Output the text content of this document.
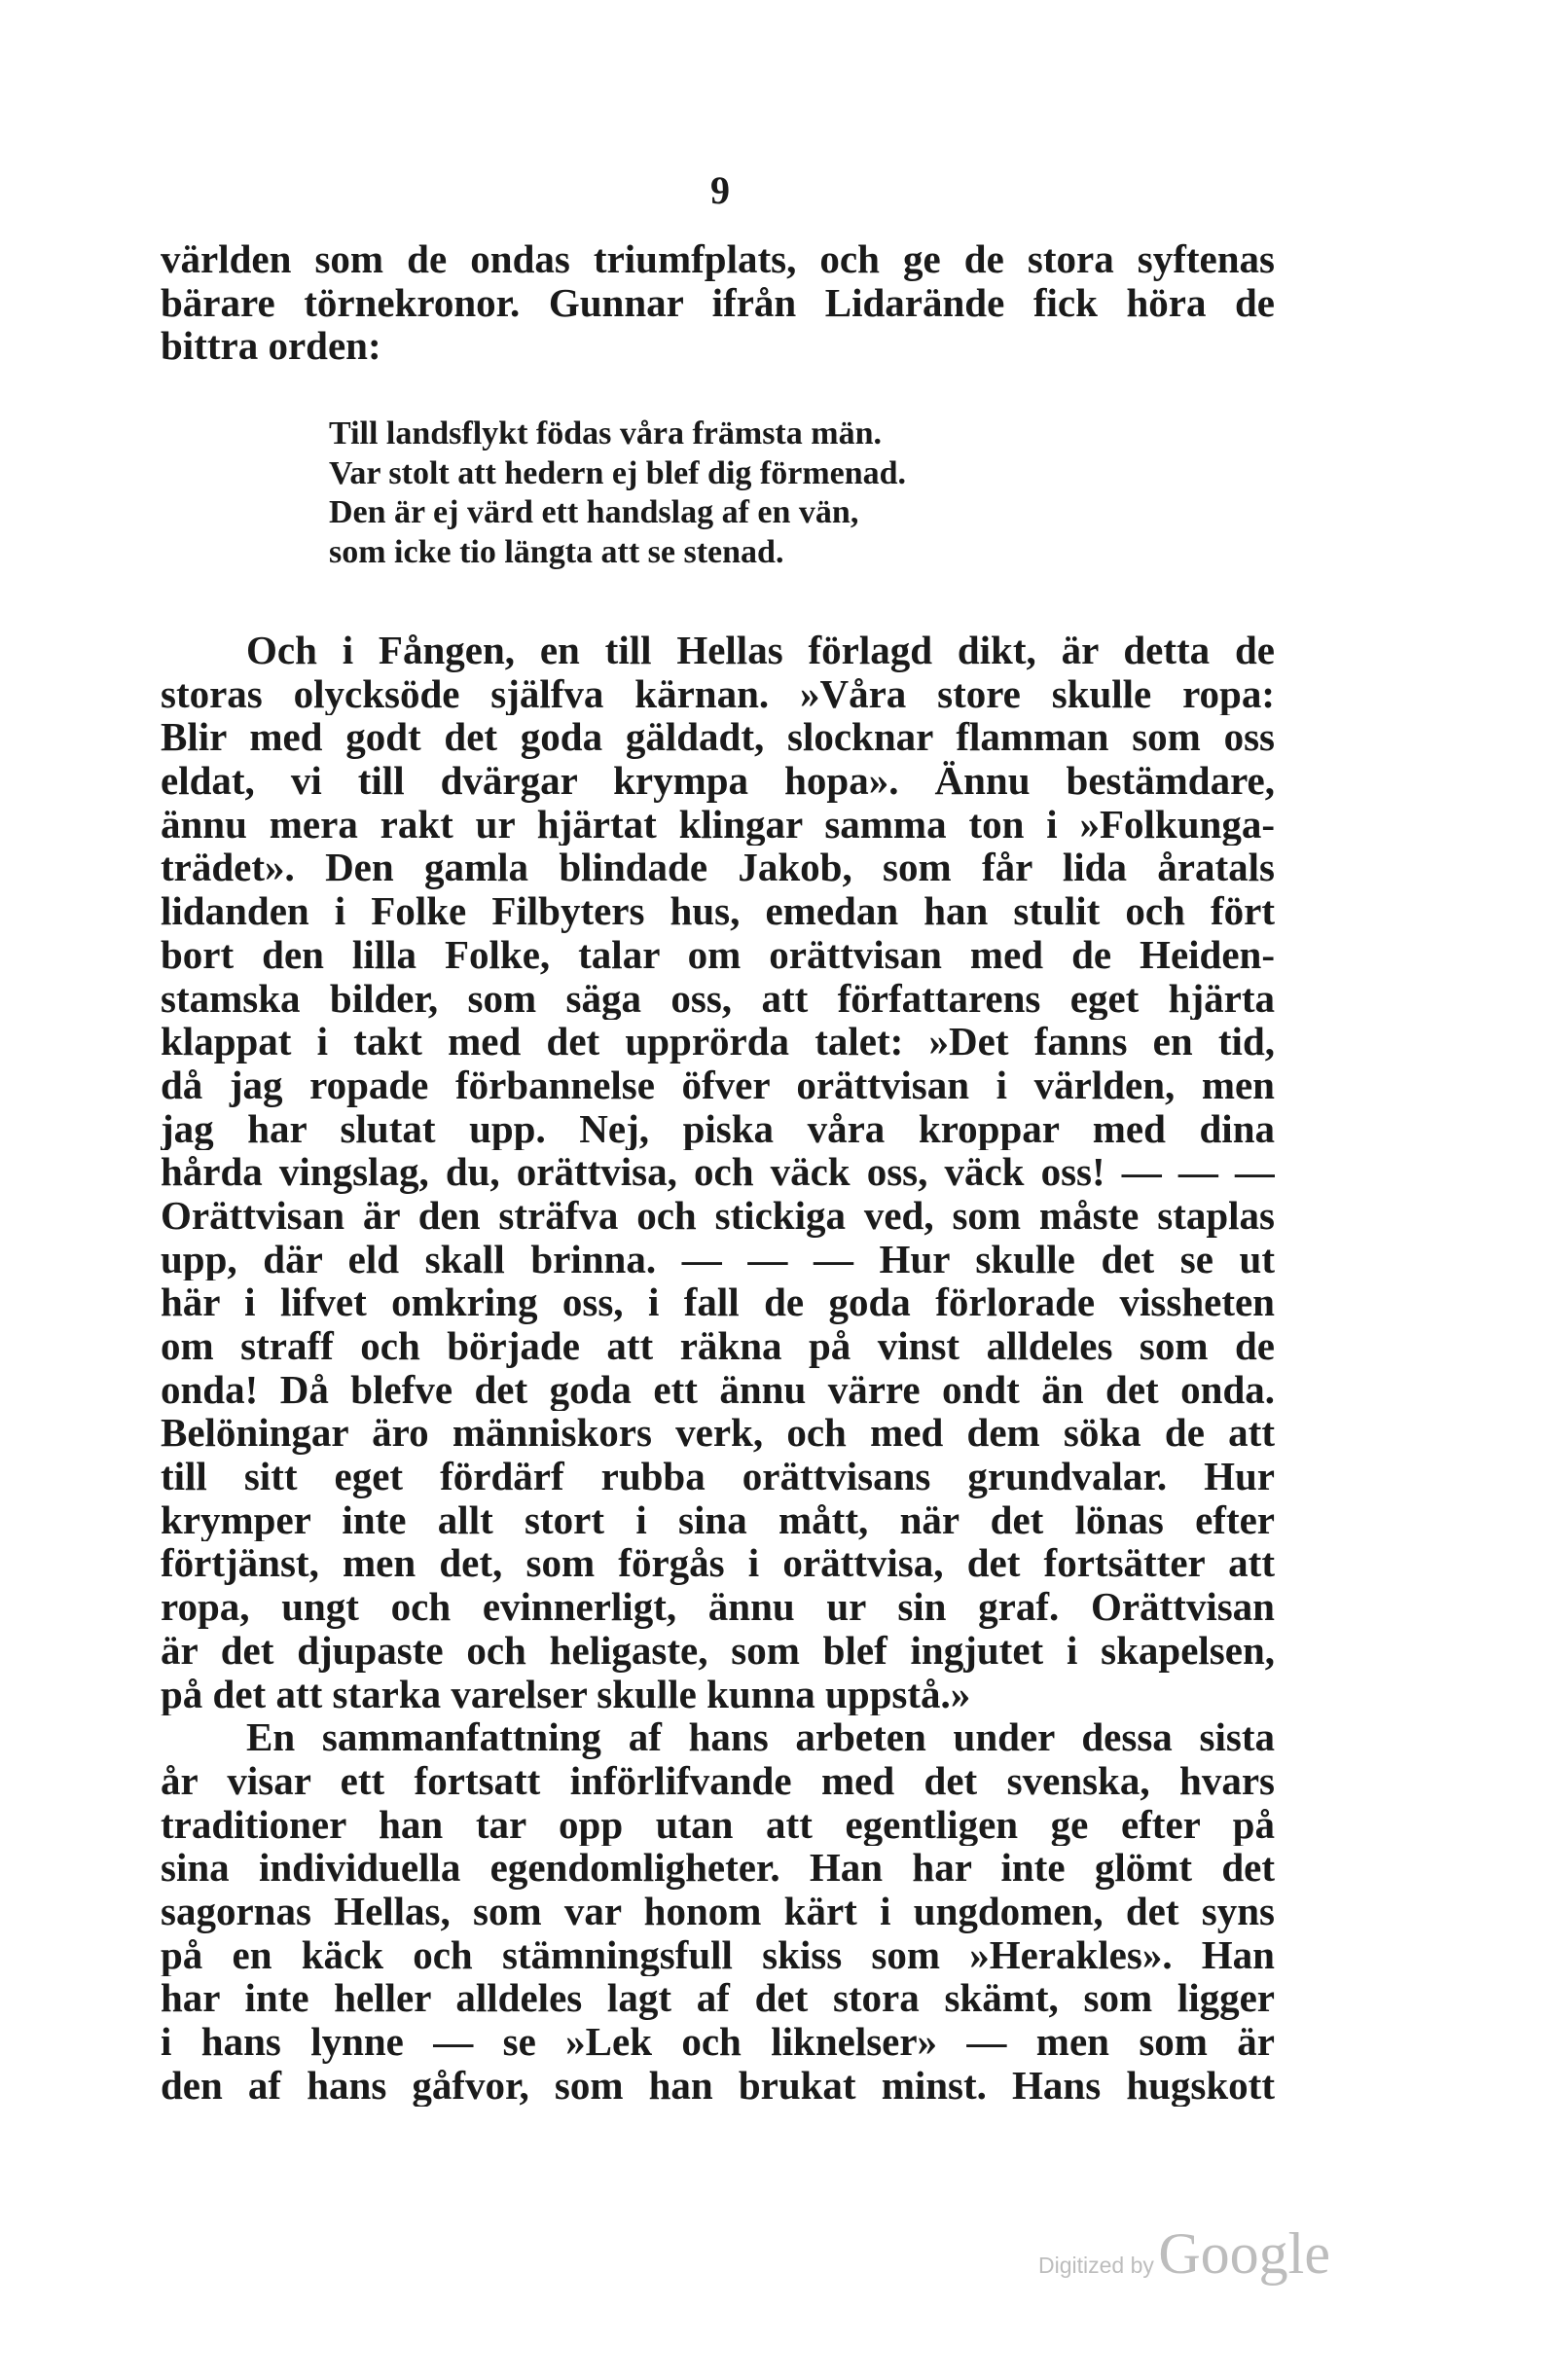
9
världen som de ondas triumfplats, och ge de stora syftenas
bärare törnekronor. Gunnar ifrån Lidarände fick höra de
bittra orden:
Till landsflykt födas våra främsta män.
Var stolt att hedern ej blef dig förmenad.
Den är ej värd ett handslag af en vän,
som icke tio längta att se stenad.
Och i Fången, en till Hellas förlagd dikt, är detta de
storas olycksöde själfva kärnan. »Våra store skulle ropa:
Blir med godt det goda gäldadt, slocknar flamman som oss
eldat, vi till dvärgar krympa hopa». Ännu bestämdare,
ännu mera rakt ur hjärtat klingar samma ton i »Folkunga-
trädet». Den gamla blindade Jakob, som får lida åratals
lidanden i Folke Filbyters hus, emedan han stulit och fört
bort den lilla Folke, talar om orättvisan med de Heiden-
stamska bilder, som säga oss, att författarens eget hjärta
klappat i takt med det upprörda talet: »Det fanns en tid,
då jag ropade förbannelse öfver orättvisan i världen, men
jag har slutat upp. Nej, piska våra kroppar med dina
hårda vingslag, du, orättvisa, och väck oss, väck oss! — — —
Orättvisan är den sträfva och stickiga ved, som måste staplas
upp, där eld skall brinna. — — — Hur skulle det se ut
här i lifvet omkring oss, i fall de goda förlorade vissheten
om straff och började att räkna på vinst alldeles som de
onda! Då blefve det goda ett ännu värre ondt än det onda.
Belöningar äro människors verk, och med dem söka de att
till sitt eget fördärf rubba orättvisans grundvalar. Hur
krymper inte allt stort i sina mått, när det lönas efter
förtjänst, men det, som förgås i orättvisa, det fortsätter att
ropa, ungt och evinnerligt, ännu ur sin graf. Orättvisan
är det djupaste och heligaste, som blef ingjutet i skapelsen,
på det att starka varelser skulle kunna uppstå.»
En sammanfattning af hans arbeten under dessa sista
år visar ett fortsatt införlifvande med det svenska, hvars
traditioner han tar opp utan att egentligen ge efter på
sina individuella egendomligheter. Han har inte glömt det
sagornas Hellas, som var honom kärt i ungdomen, det syns
på en käck och stämningsfull skiss som »Herakles». Han
har inte heller alldeles lagt af det stora skämt, som ligger
i hans lynne — se »Lek och liknelser» — men som är
den af hans gåfvor, som han brukat minst. Hans hugskott
Digitized by Google
